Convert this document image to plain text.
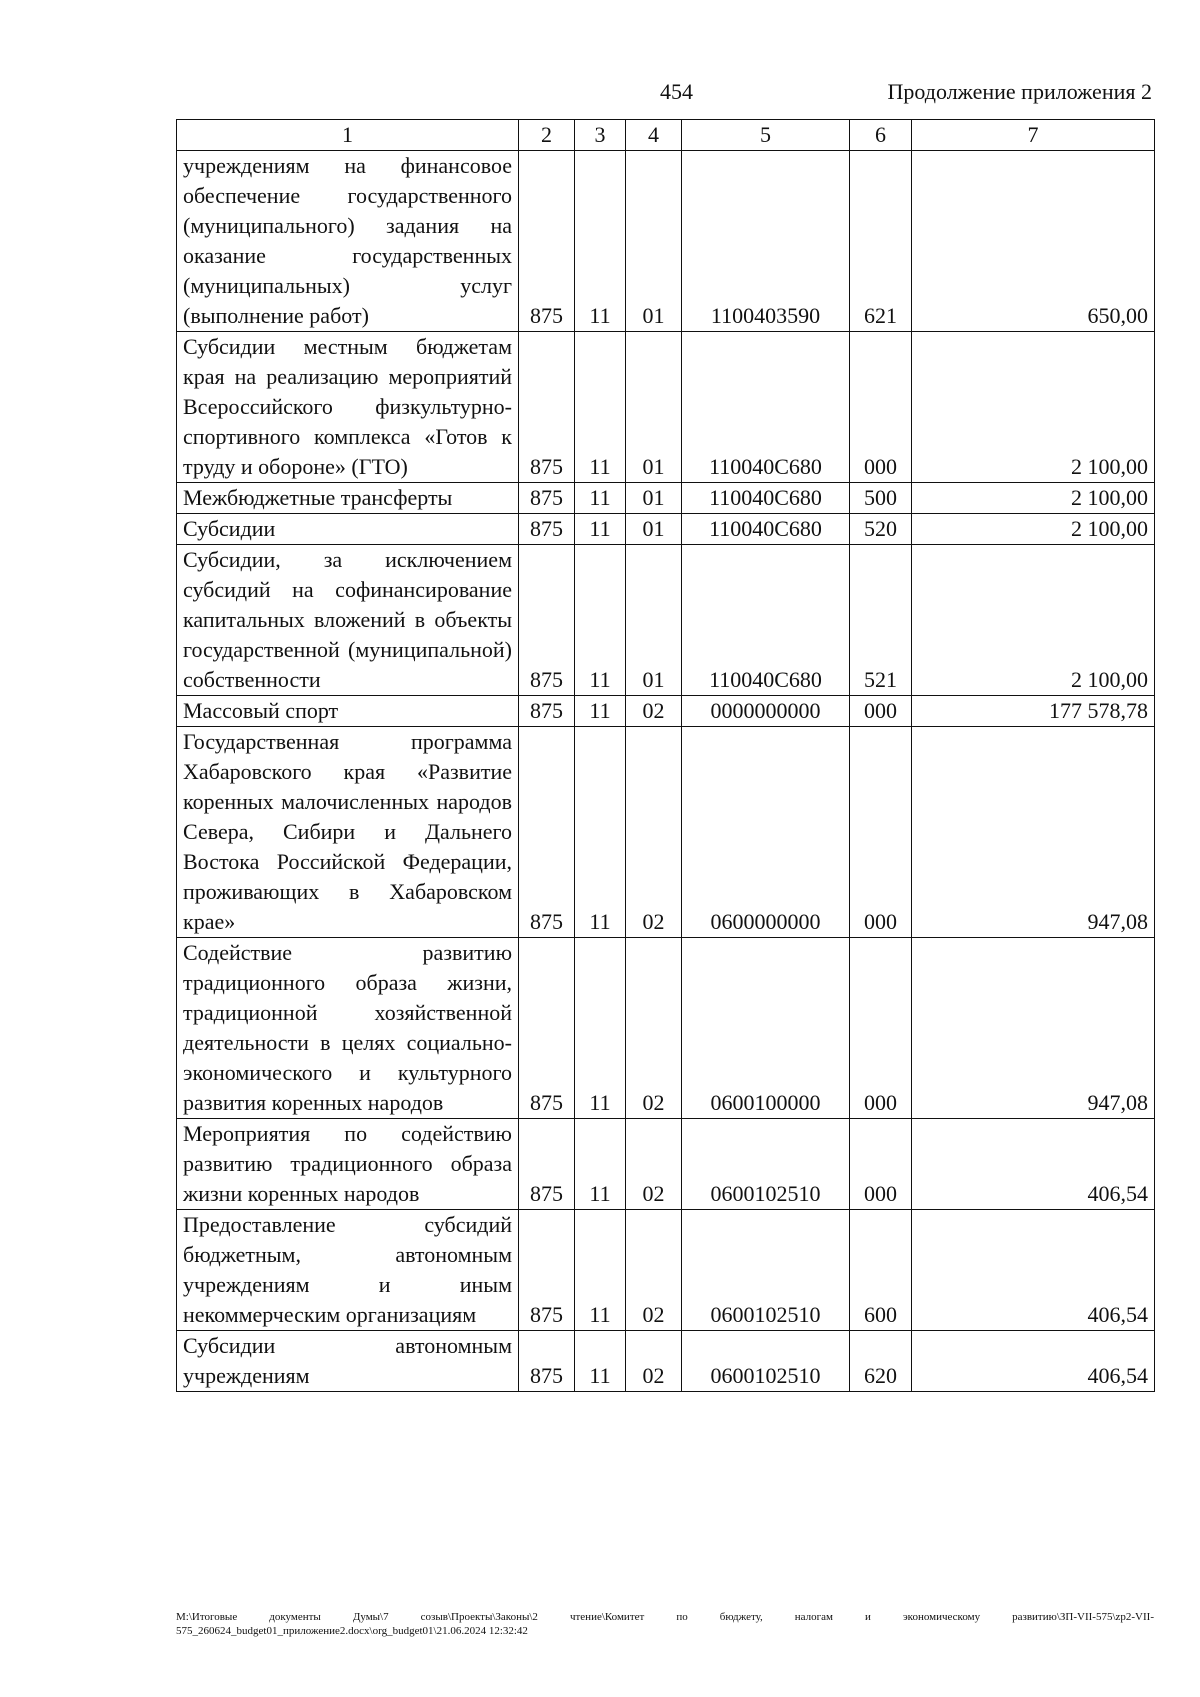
454	Продолжение приложения 2
1	2	3	4	5	6	7
учреждениям на финансовое обеспечение государственного (муниципального) задания на оказание государственных (муниципальных) услуг (выполнение работ)	875	11	01	1100403590	621	650,00
Субсидии местным бюджетам края на реализацию мероприятий Всероссийского физкультурно-спортивного комплекса «Готов к труду и обороне» (ГТО)	875	11	01	110040С680	000	2 100,00
Межбюджетные трансферты	875	11	01	110040С680	500	2 100,00
Субсидии	875	11	01	110040С680	520	2 100,00
Субсидии, за исключением субсидий на софинансирование капитальных вложений в объекты государственной (муниципальной) собственности	875	11	01	110040С680	521	2 100,00
Массовый спорт	875	11	02	0000000000	000	177 578,78
Государственная программа Хабаровского края «Развитие коренных малочисленных народов Севера, Сибири и Дальнего Востока Российской Федерации, проживающих в Хабаровском крае»	875	11	02	0600000000	000	947,08
Содействие развитию традиционного образа жизни, традиционной хозяйственной деятельности в целях социально-экономического и культурного развития коренных народов	875	11	02	0600100000	000	947,08
Мероприятия по содействию развитию традиционного образа жизни коренных народов	875	11	02	0600102510	000	406,54
Предоставление субсидий бюджетным, автономным учреждениям и иным некоммерческим организациям	875	11	02	0600102510	600	406,54
Субсидии автономным учреждениям	875	11	02	0600102510	620	406,54
М:\Итоговые документы Думы\7 созыв\Проекты\Законы\2 чтение\Комитет по бюджету, налогам и экономическому развитию\ЗП-VII-575\zp2-VII-575_260624_budget01_приложение2.docx\org_budget01\21.06.2024 12:32:42
